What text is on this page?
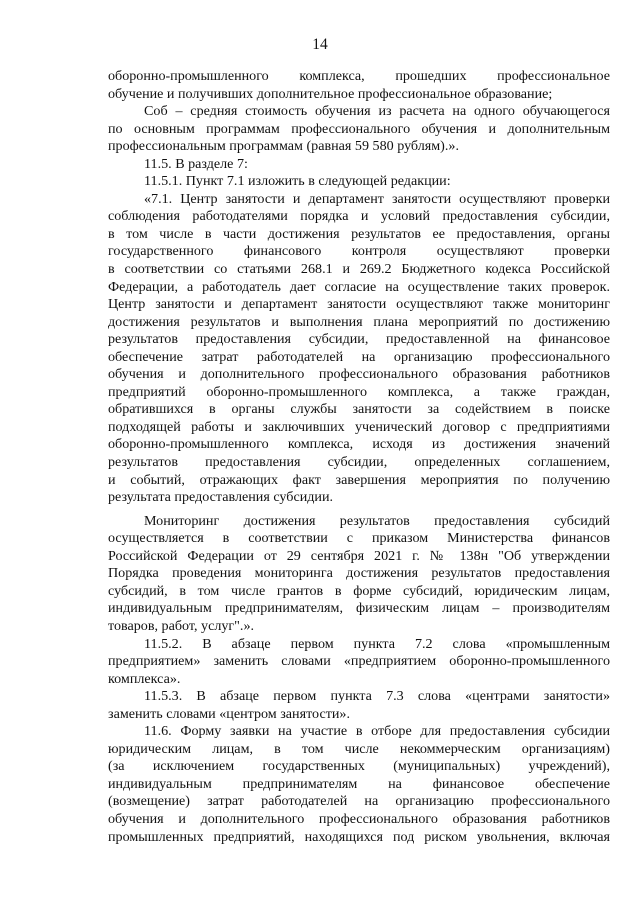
14
оборонно-промышленного комплекса, прошедших профессиональное
обучение и получивших дополнительное профессиональное образование;
Соб – средняя стоимость обучения из расчета на одного обучающегося
по основным программам профессионального обучения и дополнительным
профессиональным программам (равная 59 580 рублям).».
11.5. В разделе 7:
11.5.1. Пункт 7.1 изложить в следующей редакции:
«7.1. Центр занятости и департамент занятости осуществляют проверки
соблюдения работодателями порядка и условий предоставления субсидии,
в том числе в части достижения результатов ее предоставления, органы
государственного финансового контроля осуществляют проверки
в соответствии со статьями 268.1 и 269.2 Бюджетного кодекса Российской
Федерации, а работодатель дает согласие на осуществление таких проверок.
Центр занятости и департамент занятости осуществляют также мониторинг
достижения результатов и выполнения плана мероприятий по достижению
результатов предоставления субсидии, предоставленной на финансовое
обеспечение затрат работодателей на организацию профессионального
обучения и дополнительного профессионального образования работников
предприятий оборонно-промышленного комплекса, а также граждан,
обратившихся в органы службы занятости за содействием в поиске
подходящей работы и заключивших ученический договор с предприятиями
оборонно-промышленного комплекса, исходя из достижения значений
результатов предоставления субсидии, определенных соглашением,
и событий, отражающих факт завершения мероприятия по получению
результата предоставления субсидии.
Мониторинг достижения результатов предоставления субсидий
осуществляется в соответствии с приказом Министерства финансов
Российской Федерации от 29 сентября 2021 г. № 138н "Об утверждении
Порядка проведения мониторинга достижения результатов предоставления
субсидий, в том числе грантов в форме субсидий, юридическим лицам,
индивидуальным предпринимателям, физическим лицам – производителям
товаров, работ, услуг".».
11.5.2. В абзаце первом пункта 7.2 слова «промышленным
предприятием» заменить словами «предприятием оборонно-промышленного
комплекса».
11.5.3. В абзаце первом пункта 7.3 слова «центрами занятости»
заменить словами «центром занятости».
11.6. Форму заявки на участие в отборе для предоставления субсидии
юридическим лицам, в том числе некоммерческим организациям)
(за исключением государственных (муниципальных) учреждений),
индивидуальным предпринимателям на финансовое обеспечение
(возмещение) затрат работодателей на организацию профессионального
обучения и дополнительного профессионального образования работников
промышленных предприятий, находящихся под риском увольнения, включая
